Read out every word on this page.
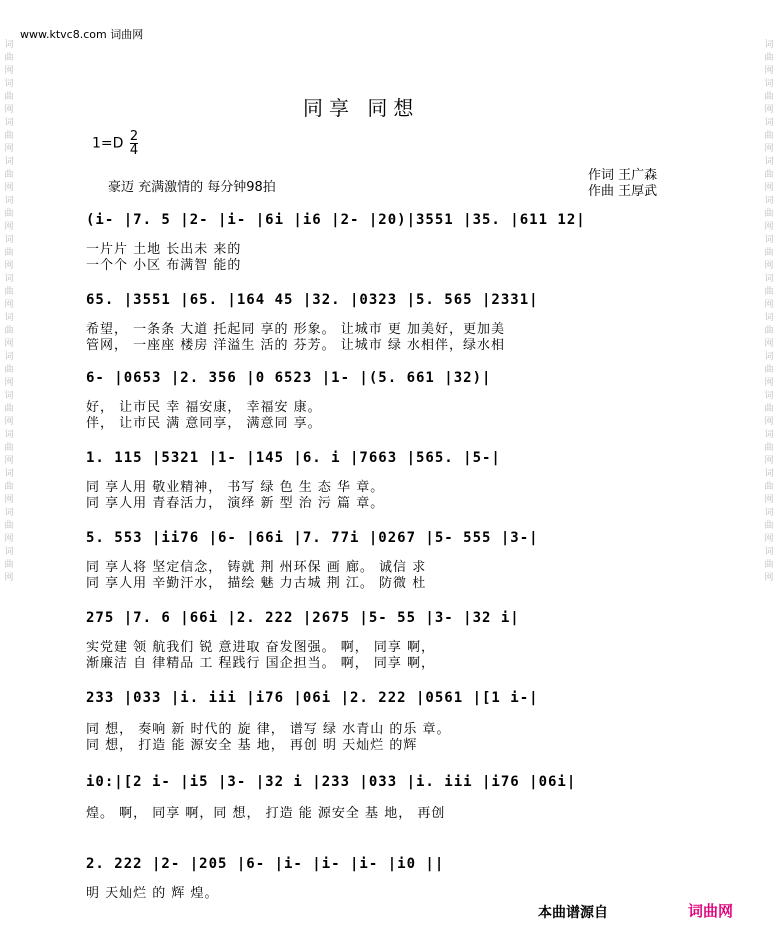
www.ktvc8.com 词曲网
词
曲
网
词
曲
网
词
曲
网
词
曲
网
词
曲
网
词
曲
网
词
曲
网
词
曲
网
词
曲
网
词
曲
网
词
曲
网
词
曲
网
词
曲
网
词
曲
网
词
曲
网
词
曲
网
词
曲
网
词
曲
网
词
曲
网
词
曲
网
词
曲
网
词
曲
网
词
曲
网
词
曲
网
词
曲
网
词
曲
网
词
曲
网
词
曲
网
同享 同想
$1=D \frac{2}{4}$
豪迈 充满激情的 每分钟98拍
作词 王广森
作曲 王厚武
(i- |7. 5 |2- |i- |6i |i6 |2- |20)|3551 |35. |611 12|
一片片 土地 长出未 来的
一个个 小区 布满智 能的
65. |3551 |65. |164 45 |32. |0323 |5. 565 |2331|
希望， 一条条 大道 托起同 享的 形象。 让城市 更 加美好，更加美
管网， 一座座 楼房 洋溢生 活的 芬芳。 让城市 绿 水相伴，绿水相
6- |0653 |2. 356 |0 6523 |1- |(5. 661 |32)|
好， 让市民 幸 福安康， 幸福安 康。
伴， 让市民 满 意同享， 满意同 享。
1. 115 |5321 |1- |145 |6. i |7663 |565. |5-|
同 享人用 敬业精神， 书写 绿 色 生 态 华 章。
同 享人用 青春活力， 演绎 新 型 治 污 篇 章。
5. 553 |ii76 |6- |66i |7. 77i |0267 |5- 555 |3-|
同 享人将 坚定信念， 铸就 荆 州环保 画 廊。 诚信 求
同 享人用 辛勤汗水， 描绘 魅 力古城 荆 江。 防微 杜
275 |7. 6 |66i |2. 222 |2675 |5- 55 |3- |32 i|
实党建 领 航我们 锐 意进取 奋发图强。 啊， 同享 啊，
渐廉洁 自 律精品 工 程践行 国企担当。 啊， 同享 啊，
233 |033 |i. iii |i76 |06i |2. 222 |0561 |[1 i-|
同 想， 奏响 新 时代的 旋 律， 谱写 绿 水青山 的乐 章。
同 想， 打造 能 源安全 基 地， 再创 明 天灿烂 的辉
i0:|[2 i- |i5 |3- |32 i |233 |033 |i. iii |i76 |06i|
煌。 啊， 同享 啊，同 想， 打造 能 源安全 基 地， 再创
2. 222 |2- |205 |6- |i- |i- |i- |i0 ||
明 天灿烂 的 辉 煌。
本曲谱源自	词曲网
